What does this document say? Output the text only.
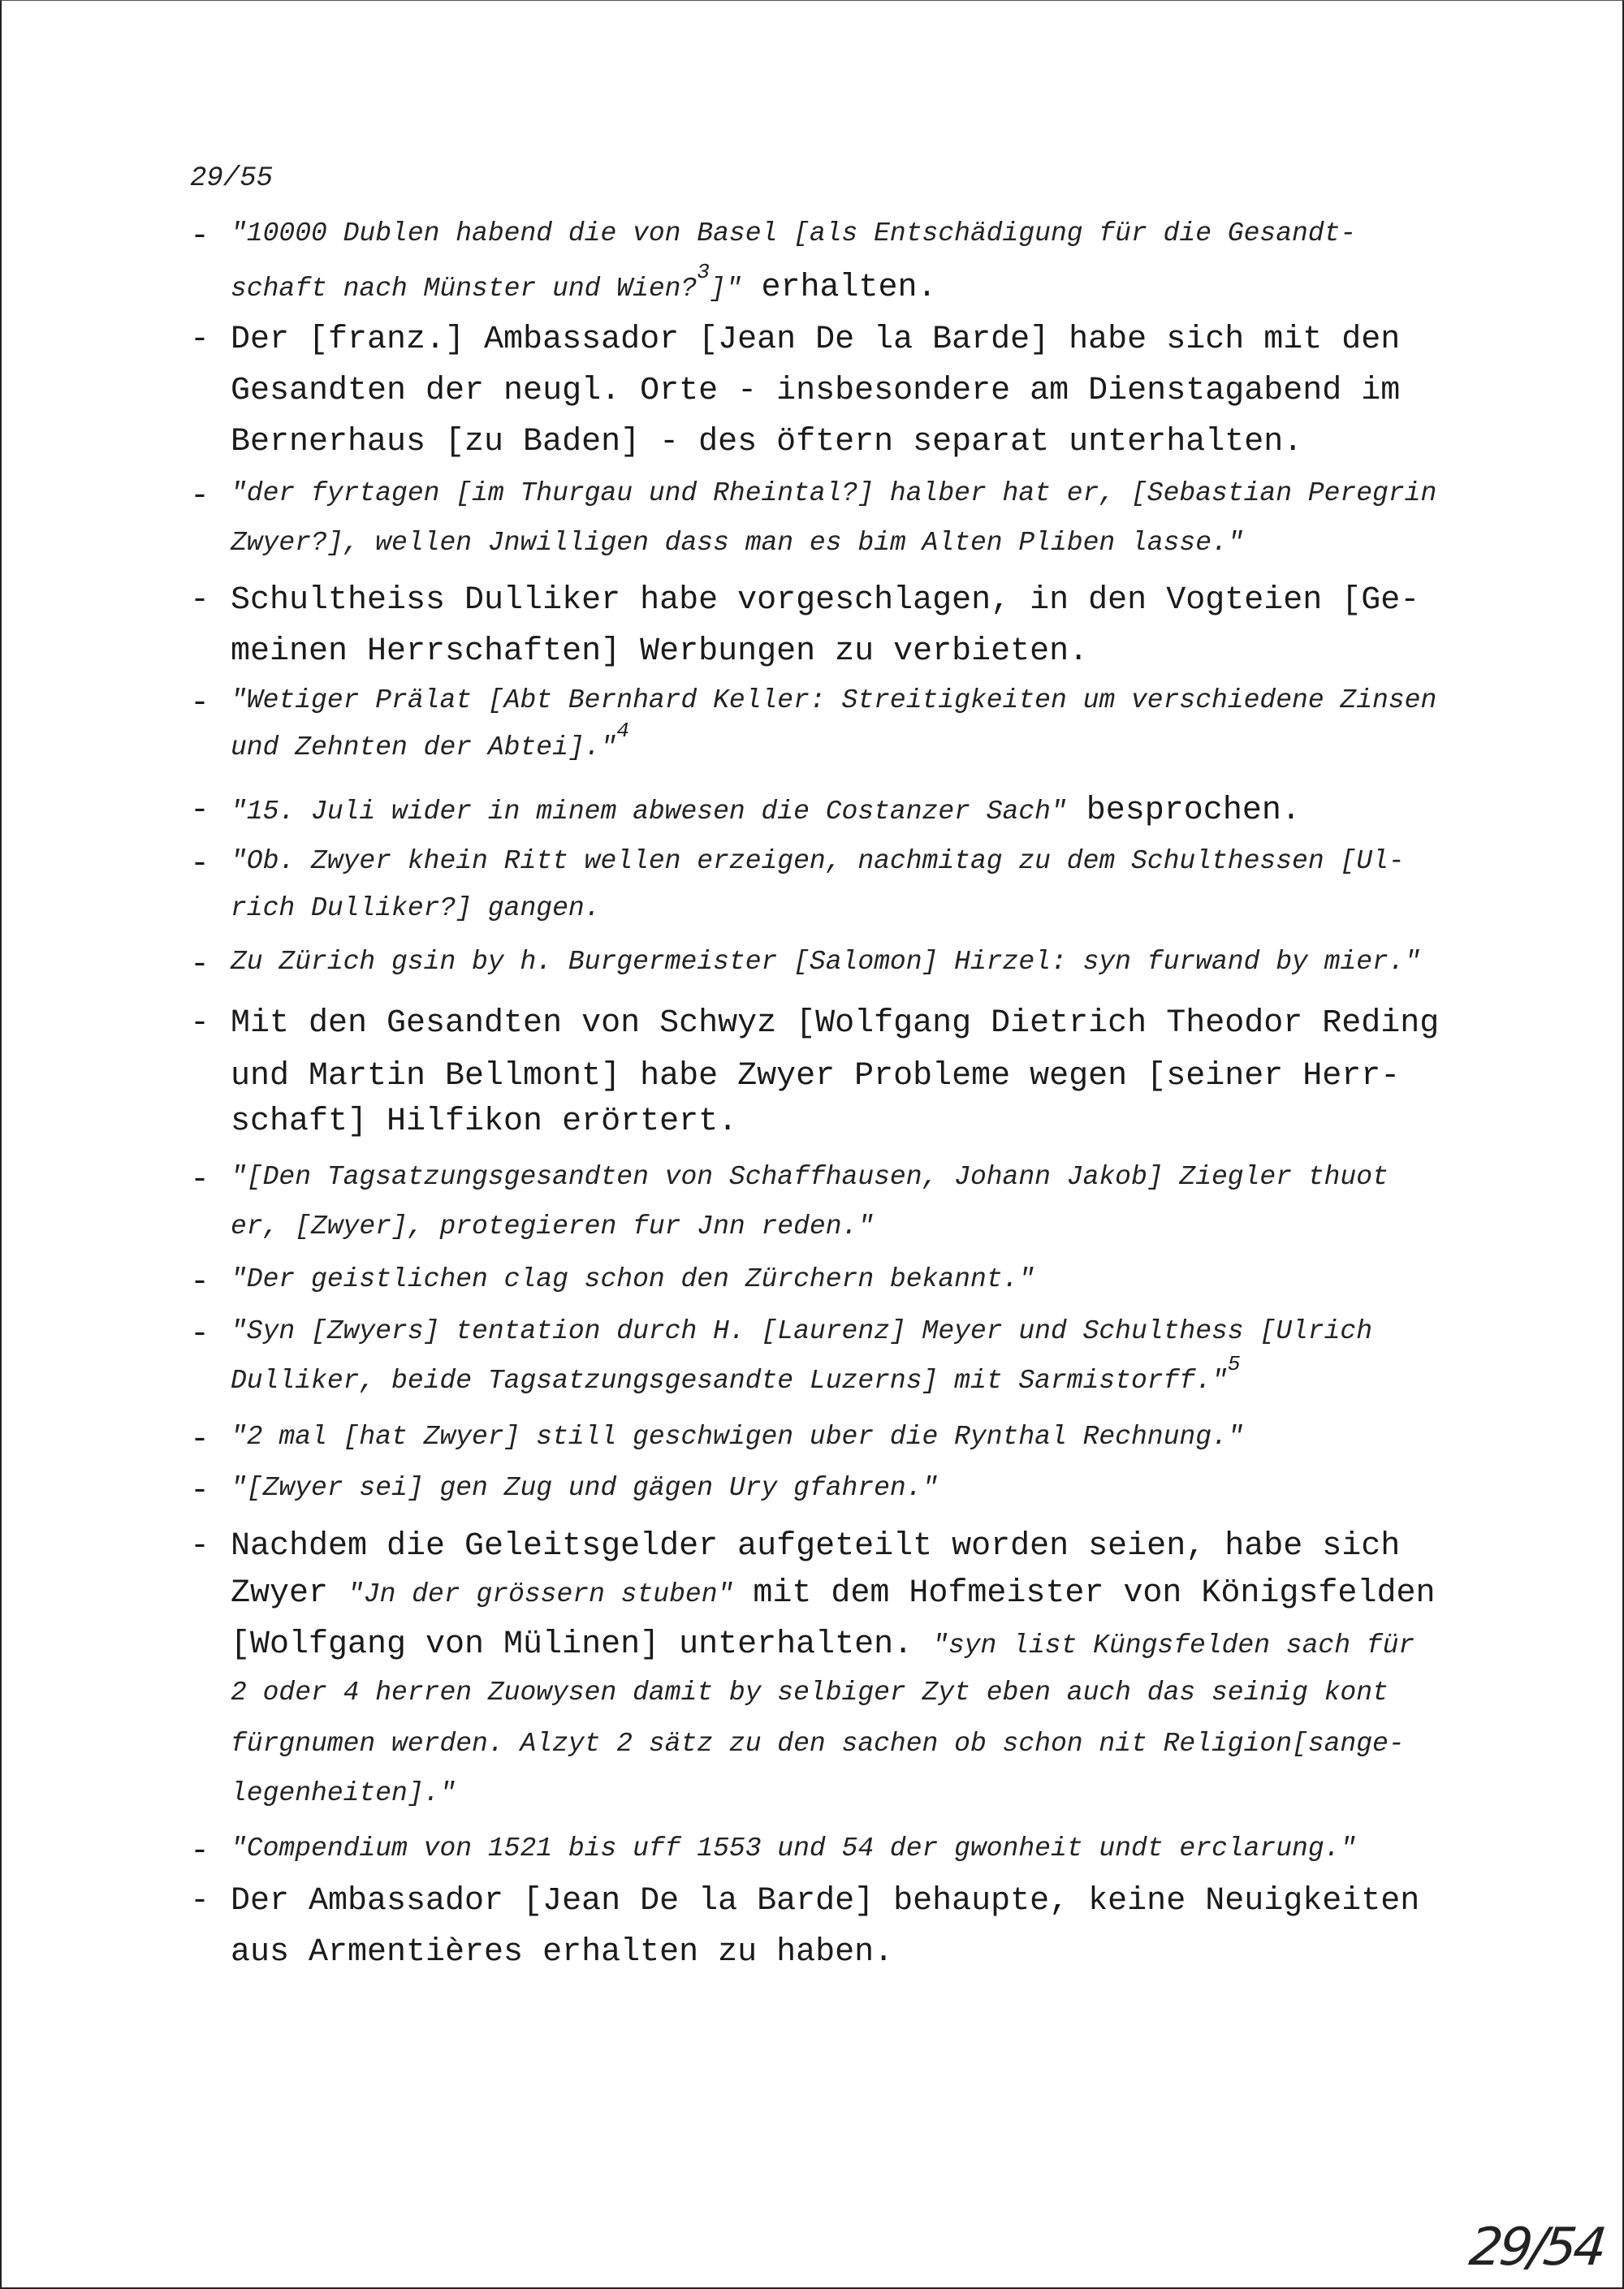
29/55
- "10000 Dublen habend die von Basel [als Entschädigung für die Gesandt-
schaft nach Münster und Wien?3]" erhalten.
- Der [franz.] Ambassador [Jean De la Barde] habe sich mit den
Gesandten der neugl. Orte - insbesondere am Dienstagabend im
Bernerhaus [zu Baden] - des öftern separat unterhalten.
- "der fyrtagen [im Thurgau und Rheintal?] halber hat er, [Sebastian Peregrin
Zwyer?], wellen Jnwilligen dass man es bim Alten Pliben lasse."
- Schultheiss Dulliker habe vorgeschlagen, in den Vogteien [Ge-
meinen Herrschaften] Werbungen zu verbieten.
- "Wetiger Prälat [Abt Bernhard Keller: Streitigkeiten um verschiedene Zinsen
und Zehnten der Abtei]."4
- "15. Juli wider in minem abwesen die Costanzer Sach" besprochen.
- "Ob. Zwyer khein Ritt wellen erzeigen, nachmitag zu dem Schulthessen [Ul-
rich Dulliker?] gangen.
- Zu Zürich gsin by h. Burgermeister [Salomon] Hirzel: syn furwand by mier."
- Mit den Gesandten von Schwyz [Wolfgang Dietrich Theodor Reding
und Martin Bellmont] habe Zwyer Probleme wegen [seiner Herr-
schaft] Hilfikon erörtert.
- "[Den Tagsatzungsgesandten von Schaffhausen, Johann Jakob] Ziegler thuot
er, [Zwyer], protegieren fur Jnn reden."
- "Der geistlichen clag schon den Zürchern bekannt."
- "Syn [Zwyers] tentation durch H. [Laurenz] Meyer und Schulthess [Ulrich
Dulliker, beide Tagsatzungsgesandte Luzerns] mit Sarmistorff."5
- "2 mal [hat Zwyer] still geschwigen uber die Rynthal Rechnung."
- "[Zwyer sei] gen Zug und gägen Ury gfahren."
- Nachdem die Geleitsgelder aufgeteilt worden seien, habe sich
Zwyer "Jn der grössern stuben" mit dem Hofmeister von Königsfelden
[Wolfgang von Mülinen] unterhalten. "syn list Küngsfelden sach für
2 oder 4 herren Zuowysen damit by selbiger Zyt eben auch das seinig kont
fürgnumen werden. Alzyt 2 sätz zu den sachen ob schon nit Religion[sange-
legenheiten]."
- "Compendium von 1521 bis uff 1553 und 54 der gwonheit undt erclarung."
- Der Ambassador [Jean De la Barde] behaupte, keine Neuigkeiten
aus Armentières erhalten zu haben.
29/54
